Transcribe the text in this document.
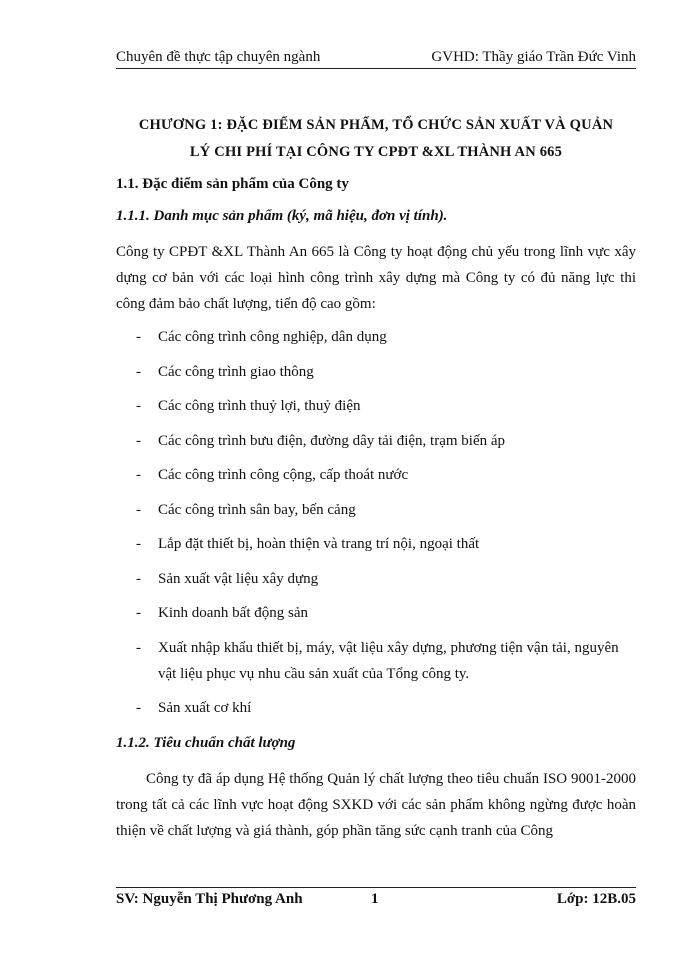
Chuyên đề thực tập chuyên ngành	GVHD: Thầy giáo Trần Đức Vinh
CHƯƠNG 1: ĐẶC ĐIỂM SẢN PHẨM, TỔ CHỨC SẢN XUẤT VÀ QUẢN
LÝ CHI PHÍ TẠI CÔNG TY CPĐT &XL THÀNH AN 665
1.1. Đặc điểm sản phẩm của Công ty
1.1.1. Danh mục sản phẩm (ký, mã hiệu, đơn vị tính).
Công ty CPĐT &XL Thành An 665 là Công ty hoạt động chủ yếu trong lĩnh vực xây dựng cơ bản với các loại hình công trình xây dựng mà Công ty có đủ năng lực thi công đảm bảo chất lượng, tiến độ cao gồm:
- Các công trình công nghiệp, dân dụng
- Các công trình giao thông
- Các công trình thuỷ lợi, thuỷ điện
- Các công trình bưu điện, đường dây tải điện, trạm biến áp
- Các công trình công cộng, cấp thoát nước
- Các công trình sân bay, bến cảng
- Lắp đặt thiết bị, hoàn thiện và trang trí nội, ngoại thất
- Sản xuất vật liệu xây dựng
- Kinh doanh bất động sản
- Xuất nhập khẩu thiết bị, máy, vật liệu xây dựng, phương tiện vận tải, nguyên vật liệu phục vụ nhu cầu sản xuất của Tổng công ty.
- Sản xuất cơ khí
1.1.2. Tiêu chuẩn chất lượng
Công ty đã áp dụng Hệ thống Quản lý chất lượng theo tiêu chuẩn ISO 9001-2000 trong tất cả các lĩnh vực hoạt động SXKD với các sản phẩm không ngừng được hoàn thiện về chất lượng và giá thành, góp phần tăng sức cạnh tranh của Công
SV: Nguyễn Thị Phương Anh	1	Lớp: 12B.05
